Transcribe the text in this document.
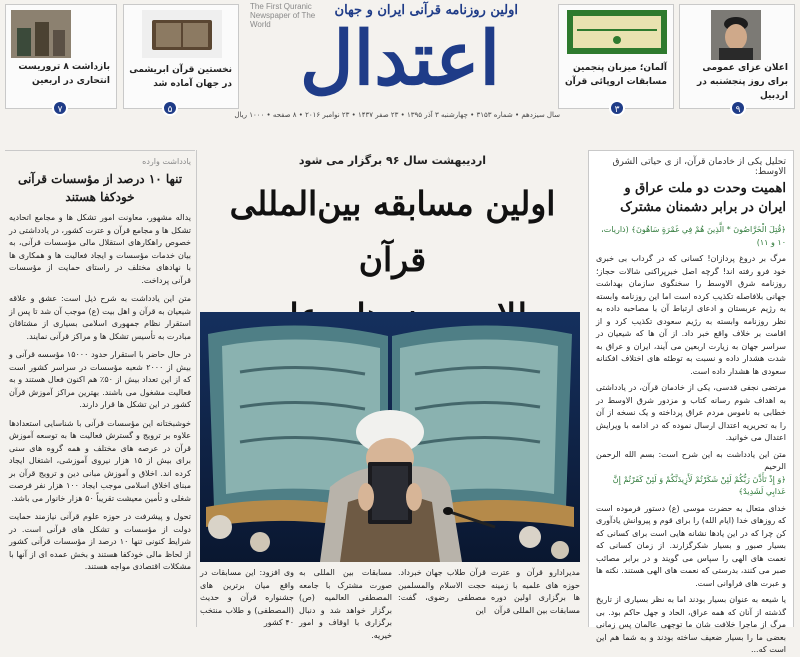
اعلان عزای عمومی برای روز پنجشنبه در اردبیل
۹
آلمان؛ میزبان پنجمین مسابقات اروپائی قرآن
۳
اولین روزنامه قرآنی ایران و جهان
The First Quranic Newspaper of The World اعتدال
سال سیزدهم • شماره ۳۱۵۳ • چهارشنبه ۳ آذر ۱۳۹۵ • ۲۳ صفر ۱۴۳۷ • ۲۳ نوامبر ۲۰۱۶ • ۸ صفحه • ۱۰۰۰ ریال
نخستین قرآن ابریشمی در جهان آماده شد
۵
بازداشت ۸ تروریست انتحاری در اربعین
۷
تحلیل یکی از خادمان قرآن، از ی حیاتی الشرق الاوسط:
اهمیت وحدت دو ملت عراق و ایران در برابر دشمنان مشترک
﴿قُتِلَ الْخَرَّاصُونَ * الَّذِينَ هُمْ فِي غَمْرَةٍ سَاهُونَ﴾ (ذاریات، ۱۰ و ۱۱)

مرگ بر دروغ پردازان! کسانی که در گرداب بی خبری خود فرو رفته اند! گرچه اصل خبرپراکنی شالات حجاز؛ روزنامه شرق الاوسط را سخنگوی سازمان بهداشت جهانی بلافاصله تکذیب کرده است اما این روزنامه وابسته به رژیم عربستان و ادعای ارتباط آن با مصاحبه داده به نظر روزنامه وابسته به رژیم سعودی تکذیب کرد و از اقامت بر خلاف واقع خبر داد. از آن ها که شیعیان در سراسر جهان به زیارت اربعین می آیند، ایران و عراق به شدت هشدار داده و نسبت به توطئه های اختلاف افکنانه سعودی ها هشدار داده است.

مرتضی نجفی قدسی، یکی از خادمان قرآن، در یادداشتی به اهداف شوم رسانه کتاب و مزدور شرق الاوسط در خطابی به ناموس مردم عراق پرداخته و یک نسخه از آن را به تحریریه اعتدال ارسال نموده که در ادامه با ویرایش اعتدال می خوانید.

متن این یادداشت به این شرح است: بسم الله الرحمن الرحیم

﴿وَ إِذْ تَأَذَّنَ رَبُّكُمْ لَئِنْ شَكَرْتُمْ لَأَزِيدَنَّكُمْ وَ لَئِنْ كَفَرْتُمْ إِنَّ عَذابِي لَشَدِيدٌ﴾

خدای متعال به حضرت موسی (ع) دستور فرموده است که روزهای خدا (ایام الله) را برای قوم و پیروانش یادآوری کن چرا که در این یادها نشانه هایی است برای کسانی که بسیار صبور و بسیار شکرگزارند. از زمان کسانی که نعمت های الهی را سپاس می گویند و در برابر مصائب صبر می کنند، بدرستی که نعمت های الهی هستند. نکته ها و عبرت های فراوانی است.

یا شیعه به عنوان بسیار بودند اما به نظر بسیاری از تاریخ گذشته از آنان که همه عراق، الحاد و جهل حاکم بود. بی مرگ از ماجرا خلافت شان ما توجهی عالمان پس زمانی بعضی ما را بسیار ضعیف ساخته بودند و به شما هم این است که...

اردیبهشت سال ۹۶ برگزار می شود
اولین مسابقه بین‌المللی قرآن
مدیرادارو قرآن و عترت حوزه های علمیه با زمینه ها برگزاری اولین دوره مسابقات بین المللی قرآن
قرآن طلاب جهان خبرداد. حجت الاسلام والمسلمین مصطفی رضوی، گفت: این
مسابقات بین المللی به صورت مشترک با جامعه المصطفی العالمیه (ص) برگزار خواهد شد و دنبال برگزاری با اوقاف و امور خیریه.
وی افزود: این مسابقات در واقع میان برترین های جشنواره قرآن و حدیث (المصطفی) و طلاب منتخب ۴۰ کشور
یادداشت وارده
تنها ۱۰ درصد از مؤسسات قرآنی خودکفا هستند

یداله مشهور، معاونت امور تشکل ها و مجامع اتحادیه تشکل ها و مجامع قرآن و عترت کشور، در یادداشتی در خصوص راهکارهای استقلال مالی مؤسسات قرآنی، به بیان خدمات مؤسسات و ایجاد فعالیت ها و همکاری ها با نهادهای مختلف در راستای حمایت از مؤسسات قرآنی پرداخت.

متن این یادداشت به شرح ذیل است: عشق و علاقه شیعیان به قرآن و اهل بیت (ع) موجب آن شد تا پس از استقرار نظام جمهوری اسلامی بسیاری از مشتاقان مبادرت به تأسیس تشکل ها و مراکز قرآنی نمایند.

در حال حاضر با استقرار حدود ۱۵۰۰۰ مؤسسه قرآنی و بیش از ۲۰۰۰ شعبه مؤسسات در سراسر کشور است که از این تعداد بیش از ۵۰٪ هم اکنون فعال هستند و به فعالیت مشغول می باشند. بهترین مراکز آموزش قرآن کشور در این تشکل ها قرار دارند.

خوشبختانه این مؤسسات قرآنی با شناسایی استعدادها علاوه بر ترویج و گسترش فعالیت ها به توسعه آموزش قرآن در عرصه های مختلف و همه گروه های سنی برای بیش از ۱۵ هزار نیروی آموزشی، اشتغال ایجاد کرده اند. اخلاق و آموزش مبانی دین و ترویج قرآن بر مبنای اخلاق اسلامی موجب ایجاد ۱۰۰ هزار نفر فرصت شغلی و تأمین معیشت تقریباً ۵۰ هزار خانوار می باشد.

تحول و پیشرفت در حوزه علوم قرآنی نیازمند حمایت دولت از مؤسسات و تشکل های قرآنی است. در شرایط کنونی تنها ۱۰ درصد از مؤسسات قرآنی کشور از لحاظ مالی خودکفا هستند و بخش عمده ای از آنها با مشکلات اقتصادی مواجه هستند.
